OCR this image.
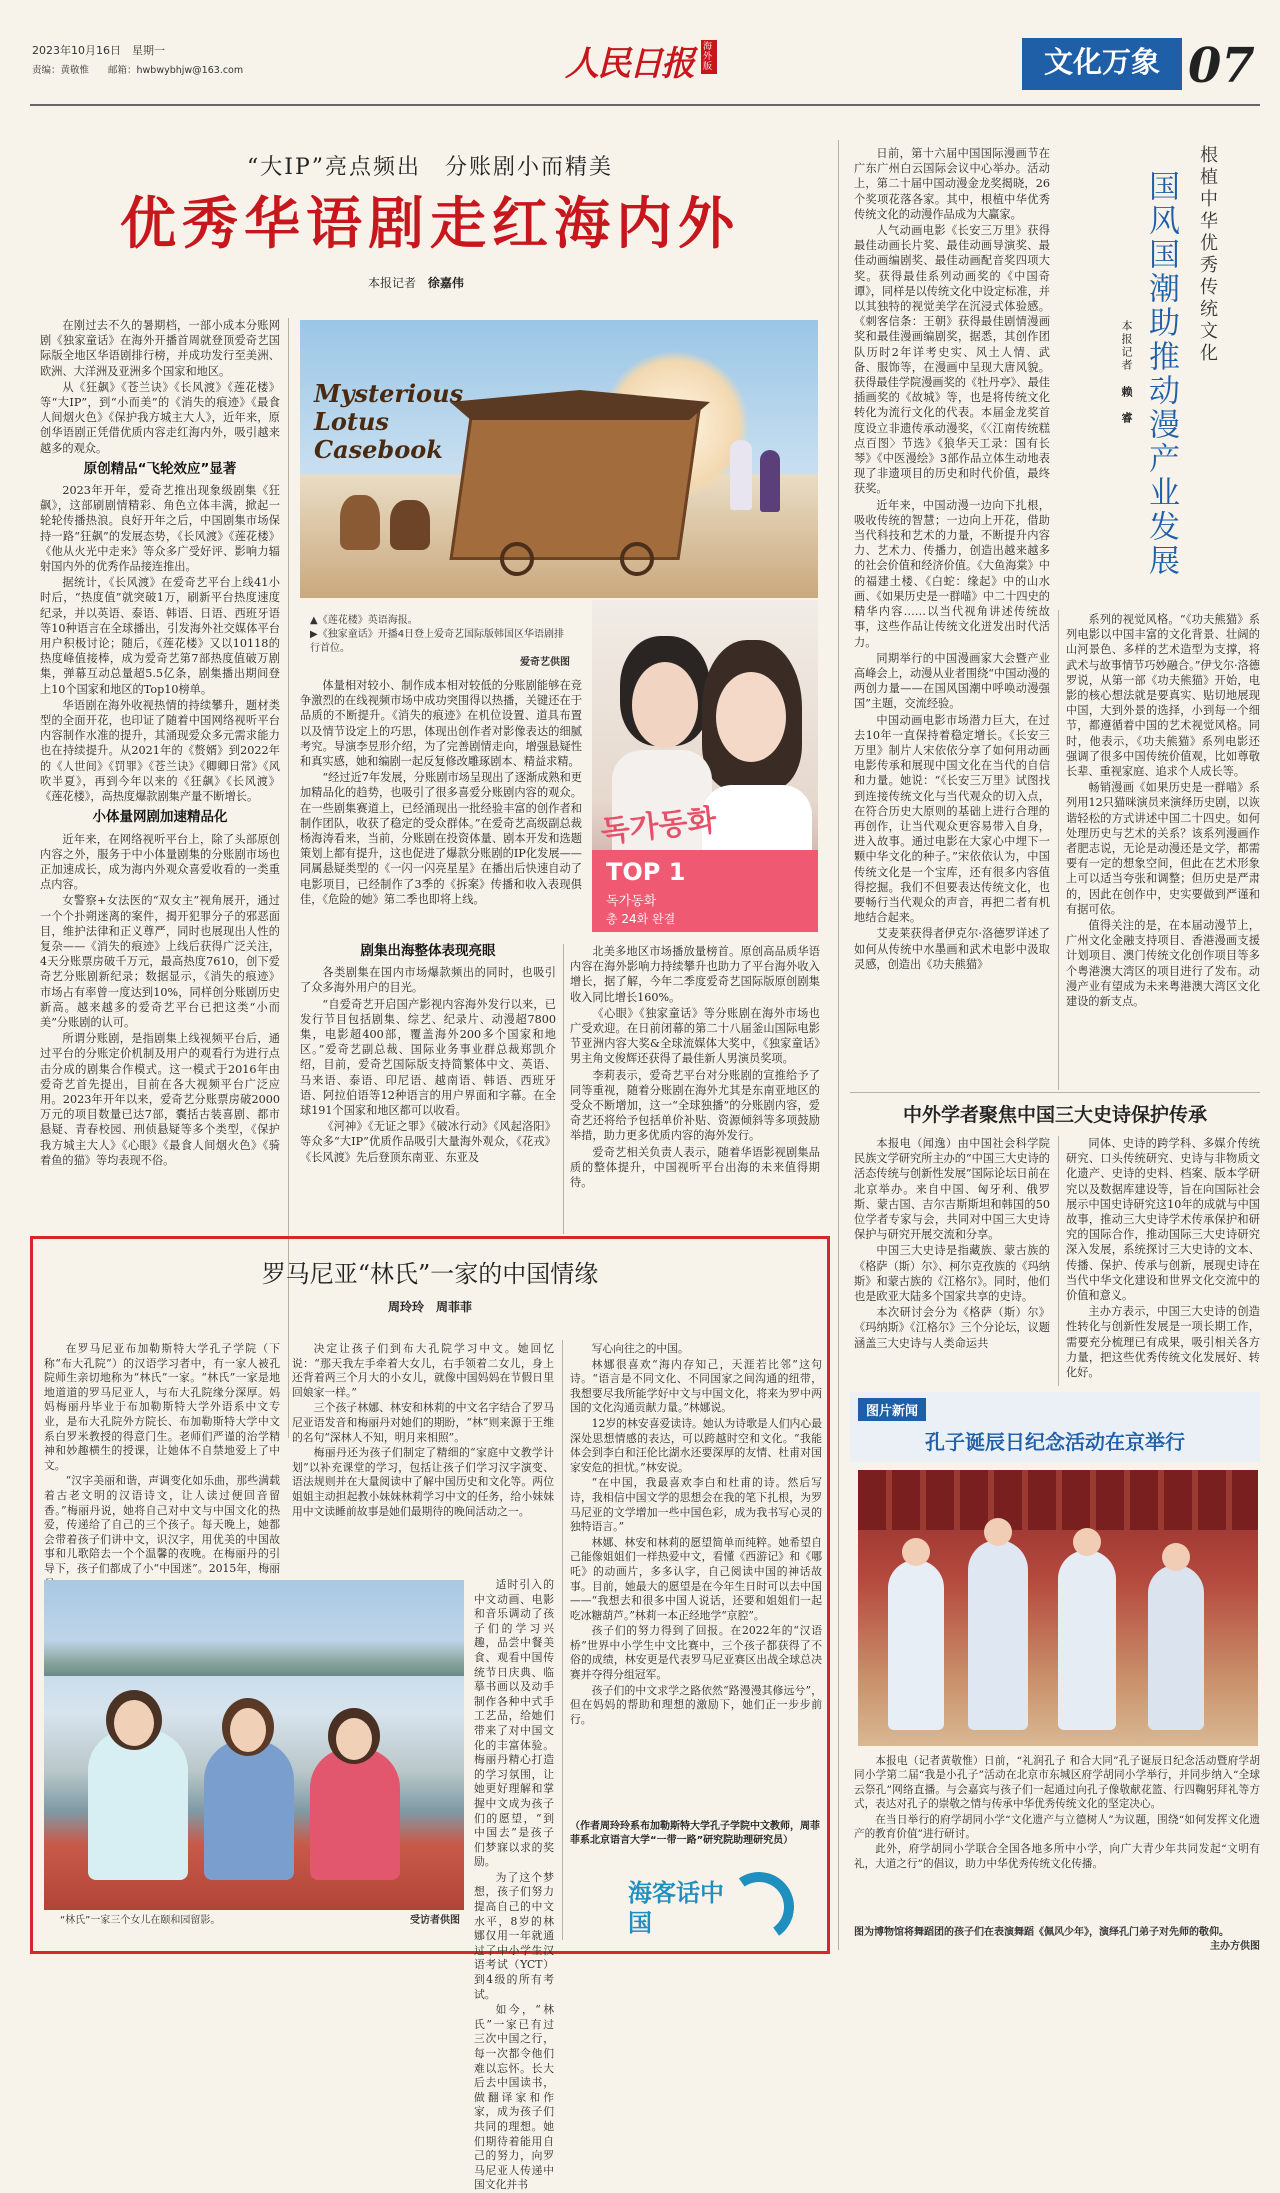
2023年10月16日　星期一
责编：黄敬惟　　邮箱：hwbwybhjw@163.com	人民日报 海外版	文化万象 07
“大IP”亮点频出　分账剧小而精美
优秀华语剧走红海内外
本报记者 徐嘉伟

在刚过去不久的暑期档，一部小成本分账网剧《独家童话》在海外开播首周就登顶爱奇艺国际版全地区华语剧排行榜，并成功发行至美洲、欧洲、大洋洲及亚洲多个国家和地区。

从《狂飙》《苍兰诀》《长风渡》《莲花楼》等“大IP”，到“小而美”的《消失的痕迹》《最食人间烟火色》《保护我方城主大人》，近年来，原创华语剧正凭借优质内容走红海内外，吸引越来越多的观众。

原创精品“飞轮效应”显著

2023年开年，爱奇艺推出现象级剧集《狂飙》，这部刷剧情精彩、角色立体丰满，掀起一轮轮传播热浪。良好开年之后，中国剧集市场保持一路“狂飙”的发展态势，《长风渡》《莲花楼》《他从火光中走来》等众多广受好评、影响力辐射国内外的优秀作品接连推出。

据统计，《长风渡》在爱奇艺平台上线41小时后，“热度值”就突破1万，刷新平台热度速度纪录，并以英语、泰语、韩语、日语、西班牙语等10种语言在全球播出，引发海外社交媒体平台用户积极讨论；随后，《莲花楼》又以10118的热度峰值接棒，成为爱奇艺第7部热度值破万剧集，弹幕互动总量超5.5亿条，剧集播出期间登上10个国家和地区的Top10榜单。

华语剧在海外收视热情的持续攀升，题材类型的全面开花，也印证了随着中国网络视听平台内容制作水准的提升，其涌现爱众多元需求能力也在持续提升。从2021年的《赘婿》到2022年的《人世间》《罚罪》《苍兰诀》《卿卿日常》《风吹半夏》，再到今年以来的《狂飙》《长风渡》《莲花楼》，高热度爆款剧集产量不断增长。

小体量网剧加速精品化

近年来，在网络视听平台上，除了头部原创内容之外，服务于中小体量剧集的分账剧市场也正加速成长，成为海内外观众喜爱收看的一类重点内容。

女警察+女法医的“双女主”视角展开，通过一个个扑朔迷离的案件，揭开犯罪分子的邪恶面目，维护法律和正义尊严，同时也展现出人性的复杂——《消失的痕迹》上线后获得广泛关注，4天分账票房破千万元，最高热度7610，创下爱奇艺分账剧新纪录；数据显示，《消失的痕迹》市场占有率曾一度达到10%，同样创分账剧历史新高。越来越多的爱奇艺平台已把这类“小而美”分账剧的认可。

所谓分账剧，是指剧集上线视频平台后，通过平台的分账定价机制及用户的观看行为进行点击分成的剧集合作模式。这一模式于2016年由爱奇艺首先提出，目前在各大视频平台广泛应用。2023年开年以来，爱奇艺分账票房破2000万元的项目数量已达7部，囊括古装喜剧、都市悬疑、青春校园、刑侦悬疑等多个类型，《保护我方城主大人》《心眼》《最食人间烟火色》《骑着鱼的猫》等均表现不俗。

Mysterious Lotus Casebook
▲《莲花楼》英语海报。
▶《独家童话》开播4日登上爱奇艺国际版韩国区华语剧排行首位。
爱奇艺供图
독가동화
TOP 1
독가동화
총 24화 완결

体量相对较小、制作成本相对较低的分账剧能够在竞争激烈的在线视频市场中成功突围得以热播，关键还在于品质的不断提升。《消失的痕迹》在机位设置、道具布置以及情节设定上的巧思，体现出创作者对影像表达的细腻考究。导演李昱形介绍，为了完善剧情走向，增强悬疑性和真实感，她和编剧一起反复修改雕琢剧本、精益求精。

“经过近7年发展，分账剧市场呈现出了逐渐成熟和更加精品化的趋势，也吸引了很多喜爱分账剧内容的观众。在一些剧集赛道上，已经涌现出一批经验丰富的创作者和制作团队，收获了稳定的受众群体。”在爱奇艺高级副总裁杨海涛看来，当前，分账剧在投资体量、剧本开发和选题策划上都有提升，这也促进了爆款分账剧的IP化发展——同属悬疑类型的《一闪一闪亮星星》在播出后快速自动了电影项目，已经制作了3季的《拆案》传播和收入表现俱佳，《危险的她》第二季也即将上线。

剧集出海整体表现亮眼

各类剧集在国内市场爆款频出的同时，也吸引了众多海外用户的目光。

“自爱奇艺开启国产影视内容海外发行以来，已发行节目包括剧集、综艺、纪录片、动漫超7800集，电影超400部，覆盖海外200多个国家和地区。”爱奇艺副总裁、国际业务事业群总裁郑凯介绍，目前，爱奇艺国际版支持简繁体中文、英语、马来语、泰语、印尼语、越南语、韩语、西班牙语、阿拉伯语等12种语言的用户界面和字幕。在全球191个国家和地区都可以收看。

《河神》《无证之罪》《破冰行动》《风起洛阳》等众多“大IP”优质作品吸引大量海外观众，《花戎》《长风渡》先后登顶东南亚、东亚及

北美多地区市场播放量榜首。原创高品质华语内容在海外影响力持续攀升也助力了平台海外收入增长，据了解，今年二季度爱奇艺国际版原创剧集收入同比增长160%。

《心眼》《独家童话》等分账剧在海外市场也广受欢迎。在日前闭幕的第二十八届釜山国际电影节亚洲内容大奖&全球流媒体大奖中，《独家童话》男主角文俊辉还获得了最佳新人男演员奖项。

李莉表示，爱奇艺平台对分账剧的宣推给予了同等重视，随着分账剧在海外尤其是东南亚地区的受众不断增加，这一“全球独播”的分账剧内容，爱奇艺还将给予包括单价补贴、资源倾斜等多项鼓励举措，助力更多优质内容的海外发行。

爱奇艺相关负责人表示，随着华语影视剧集品质的整体提升，中国视听平台出海的未来值得期待。

根植中华优秀传统文化
国风国潮助推动漫产业发展
本报记者 赖　睿

日前，第十六届中国国际漫画节在广东广州白云国际会议中心举办。活动上，第二十届中国动漫金龙奖揭晓，26个奖项花落各家。其中，根植中华优秀传统文化的动漫作品成为大赢家。

人气动画电影《长安三万里》获得最佳动画长片奖、最佳动画导演奖、最佳动画编剧奖、最佳动画配音奖四项大奖。获得最佳系列动画奖的《中国奇谭》，同样是以传统文化中设定标准，并以其独特的视觉美学在沉浸式体验感。《刺客信条：王朝》获得最佳剧情漫画奖和最佳漫画编剧奖，据悉，其创作团队历时2年详考史实、风土人情、武备、服饰等，在漫画中呈现大唐风貌。获得最佳学院漫画奖的《牡丹亭》、最佳插画奖的《故城》等，也是将传统文化转化为流行文化的代表。本届金龙奖首度设立非遗传承动漫奖，《〈江南传统糕点百图〉节选》《狼华天工录：国有长琴》《中医漫绘》3部作品立体生动地表现了非遗项目的历史和时代价值，最终获奖。

近年来，中国动漫一边向下扎根，吸收传统的智慧；一边向上开花，借助当代科技和艺术的力量，不断提升内容力、艺术力、传播力，创造出越来越多的社会价值和经济价值。《大鱼海棠》中的福建土楼、《白蛇：缘起》中的山水画、《如果历史是一群喵》中二十四史的精华内容……以当代视角讲述传统故事，这些作品让传统文化迸发出时代活力。

同期举行的中国漫画家大会暨产业高峰会上，动漫从业者围绕“中国动漫的两创力量——在国风国潮中呼唤动漫强国”主题，交流经验。

中国动画电影市场潜力巨大，在过去10年一直保持着稳定增长。《长安三万里》制片人宋依依分享了如何用动画电影传承和展现中国文化在当代的自信和力量。她说：“《长安三万里》试图找到连接传统文化与当代观众的切入点，在符合历史大原则的基础上进行合理的再创作，让当代观众更容易带入自身，进入故事。通过电影在大家心中埋下一颗中华文化的种子。”宋依依认为，中国传统文化是一个宝库，还有很多内容值得挖掘。我们不但要表达传统文化，也要畅行当代观众的声音，再把二者有机地结合起来。

艾麦莱获得者伊克尔·洛德罗详述了如何从传统中水墨画和武术电影中汲取灵感，创造出《功夫熊猫》

系列的视觉风格。“《功夫熊猫》系列电影以中国丰富的文化背景、壮阔的山河景色、多样的艺术造型为支撑，将武术与故事情节巧妙融合。”伊戈尔·洛德罗说，从第一部《功夫熊猫》开始，电影的核心想法就是要真实、贴切地展现中国，大到外景的选择，小到每一个细节，都遵循着中国的艺术视觉风格。同时，他表示，《功夫熊猫》系列电影还强调了很多中国传统价值观，比如尊敬长辈、重视家庭、追求个人成长等。

畅销漫画《如果历史是一群喵》系列用12只猫咪演员来演绎历史剧，以诙谐轻松的方式讲述中国二十四史。如何处理历史与艺术的关系？该系列漫画作者肥志说，无论是动漫还是文学，都需要有一定的想象空间，但此在艺术形象上可以适当夸张和调整；但历史是严肃的，因此在创作中，史实要做到严谨和有据可依。

值得关注的是，在本届动漫节上，广州文化金融支持项目、香港漫画支援计划项目、澳门传统文化创作项目等多个粤港澳大湾区的项目进行了发布。动漫产业有望成为未来粤港澳大湾区文化建设的新支点。

中外学者聚焦中国三大史诗保护传承

本报电（闻逸）由中国社会科学院民族文学研究所主办的“中国三大史诗的活态传统与创新性发展”国际论坛日前在北京举办。来自中国、匈牙利、俄罗斯、蒙古国、吉尔吉斯斯坦和韩国的50位学者专家与会，共同对中国三大史诗保护与研究开展交流和分享。

中国三大史诗是指藏族、蒙古族的《格萨（斯）尔》、柯尔克孜族的《玛纳斯》和蒙古族的《江格尔》。同时，他们也是欧亚大陆多个国家共享的史诗。

本次研讨会分为《格萨（斯）尔》《玛纳斯》《江格尔》三个分论坛，议题涵盖三大史诗与人类命运共

同体、史诗的跨学科、多媒介传统研究、口头传统研究、史诗与非物质文化遗产、史诗的史料、档案、版本学研究以及数据库建设等，旨在向国际社会展示中国史诗研究这10年的成就与中国故事，推动三大史诗学术传承保护和研究的国际合作，推动国际三大史诗研究深入发展，系统探讨三大史诗的文本、传播、保护、传承与创新，展现史诗在当代中华文化建设和世界文化交流中的价值和意义。

主办方表示，中国三大史诗的创造性转化与创新性发展是一项长期工作，需要充分梳理已有成果，吸引相关各方力量，把这些优秀传统文化发展好、转化好。

图片新闻
孔子诞辰日纪念活动在京举行

本报电（记者黄敬惟）日前，“礼润孔子 和合大同”孔子诞辰日纪念活动暨府学胡同小学第二届“我是小孔子”活动在北京市东城区府学胡同小学举行，并同步纳入“全球云祭孔”网络直播。与会嘉宾与孩子们一起通过向孔子像敬献花篮、行四鞠躬拜礼等方式，表达对孔子的崇敬之情与传承中华优秀传统文化的坚定决心。

在当日举行的府学胡同小学“文化遗产与立德树人”为议题，围绕“如何发挥文化遗产的教育价值”进行研讨。

此外，府学胡同小学联合全国各地多所中小学，向广大青少年共同发起“文明有礼，大道之行”的倡议，助力中华优秀传统文化传播。

图为博物馆将舞蹈团的孩子们在表演舞蹈《佩风少年》，演绎孔门弟子对先师的敬仰。
主办方供图
罗马尼亚“林氏”一家的中国情缘
周玲玲　周菲菲

在罗马尼亚布加勒斯特大学孔子学院（下称“布大孔院”）的汉语学习者中，有一家人被孔院师生亲切地称为“林氏”一家。“林氏”一家是地地道道的罗马尼亚人，与布大孔院缘分深厚。妈妈梅丽丹毕业于布加勒斯特大学外语系中文专业，是布大孔院外方院长、布加勒斯特大学中文系白罗米教授的得意门生。老师们严谨的治学精神和妙趣横生的授课，让她体不自禁地爱上了中文。

“汉字美丽和谐，声调变化如乐曲，那些满载着古老文明的汉语诗文，让人读过便回音留香。”梅丽丹说，她将自己对中文与中国文化的热爱，传递给了自己的三个孩子。每天晚上，她都会带着孩子们讲中文，识汉字，用优美的中国故事和儿歌陪去一个个温馨的夜晚。在梅丽丹的引导下，孩子们都成了小“中国迷”。2015年，梅丽

决定让孩子们到布大孔院学习中文。她回忆说：“那天我左手牵着大女儿，右手领着二女儿，身上还背着两三个月大的小女儿，就像中国妈妈在节假日里回娘家一样。”

三个孩子林娜、林安和林莉的中文名字结合了罗马尼亚语发音和梅丽丹对她们的期盼，“林”则来源于王维的名句“深林人不知，明月来相照”。

梅丽丹还为孩子们制定了精细的“家庭中文教学计划”以补充课堂的学习，包括让孩子们学习汉字演变、语法规则并在大量阅读中了解中国历史和文化等。两位姐姐主动担起教小妹妹林莉学习中文的任务，给小妹妹用中文读睡前故事是她们最期待的晚间活动之一。

适时引入的中文动画、电影和音乐调动了孩子们的学习兴趣，品尝中餐美食、观看中国传统节日庆典、临摹书画以及动手制作各种中式手工艺品，给她们带来了对中国文化的丰富体验。梅丽丹精心打造的学习氛围，让她更好理解和掌握中文成为孩子们的愿望，“到中国去”是孩子们梦寐以求的奖励。

为了这个梦想，孩子们努力提高自己的中文水平，8岁的林娜仅用一年就通过了中小学生汉语考试（YCT）到4级的所有考试。

如今，“林氏”一家已有过三次中国之行，每一次都令他们难以忘怀。长大后去中国读书，做翻译家和作家，成为孩子们共同的理想。她们期待着能用自己的努力，向罗马尼亚人传递中国文化并书

写心向往之的中国。

林娜很喜欢“海内存知己，天涯若比邻”这句诗。“语言是不同文化、不同国家之间沟通的纽带，我想要尽我所能学好中文与中国文化，将来为罗中两国的文化沟通贡献力量。”林娜说。

12岁的林安喜爱读诗。她认为诗歌是人们内心最深处思想情感的表达，可以跨越时空和文化。“我能体会到李白和汪伦比湖水还要深厚的友情、杜甫对国家安危的担忧。”林安说。

“在中国，我最喜欢李白和杜甫的诗。然后写诗，我相信中国文学的思想会在我的笔下扎根，为罗马尼亚的文学增加一些中国色彩，成为我书写心灵的独特语言。”

林娜、林安和林莉的愿望简单而纯粹。她希望自己能像姐姐们一样热爱中文，看懂《西游记》和《哪吒》的动画片，多多认字，自己阅读中国的神话故事。目前，她最大的愿望是在今年生日时可以去中国——“我想去和很多中国人说话，还要和姐姐们一起吃冰糖葫芦。”林莉一本正经地学“京腔”。

孩子们的努力得到了回报。在2022年的“汉语桥”世界中小学生中文比赛中，三个孩子都获得了不俗的成绩，林安更是代表罗马尼亚赛区出战全球总决赛并夺得分组冠军。

孩子们的中文求学之路依然“路漫漫其修远兮”，但在妈妈的帮助和理想的激励下，她们正一步步前行。

（作者周玲玲系布加勒斯特大学孔子学院中文教师，周菲菲系北京语言大学“一带一路”研究院助理研究员）
“林氏”一家三个女儿在颐和园留影。	受访者供图
海客话中国
